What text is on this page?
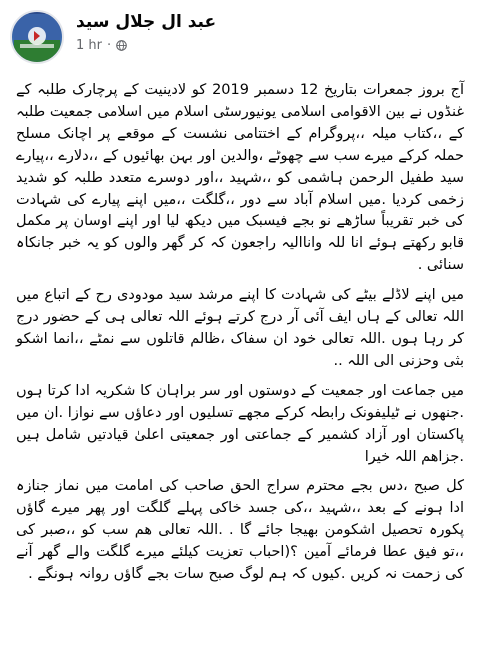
عبد ال جلال سید
1 hr ·

آج بروز جمعرات بتاریخ 12 دسمبر 2019 کو لادینیت کے پرچارک طلبہ کے غنڈوں نے بین الاقوامی اسلامی یونیورسٹی اسلام میں اسلامی جمعیت طلبہ کے ،،کتاب میلہ ،،پروگرام کے اختتامی نشست کے موقعے پر اچانک مسلح حملہ کرکے میرے سب سے چھوٹے ،والدین اور بہن بھائیوں کے ،،دلارے ،،پیارے سید طفیل الرحمن ہاشمی کو ،،شہید ،،اور دوسرے متعدد طلبہ کو شدید زخمی کردیا .میں اسلام آباد سے دور ،،گلگت ،،میں اپنے پیارے کی شہادت کی خبر تقریباً ساڑھے نو بجے فیسبک میں دیکھ لیا اور اپنے اوسان پر مکمل قابو رکھتے ہوئے انا للہ واناالیہ راجعون کہ کر گھر والوں کو یہ خبر جانکاہ سنائی .

میں اپنے لاڈلے بیٹے کی شہادت کا اپنے مرشد سید مودودی رح کے اتباع میں اللہ تعالی کے ہاں ایف آئی آر درج کرتے ہوئے اللہ تعالی ہی کے حضور درج کر رہا ہوں .اللہ تعالی خود ان سفاک ،ظالم قاتلوں سے نمٹے ،،انما اشکو بثی وحزنی الی اللہ ..

میں جماعت اور جمعیت کے دوستوں اور سر براہان کا شکریہ ادا کرتا ہوں .جنھوں نے ٹیلیفونک رابطہ کرکے مجھے تسلیوں اور دعاؤں سے نوازا .ان میں پاکستان اور آزاد کشمیر کے جماعتی اور جمعیتی اعلیٰ قیادتیں شامل ہیں .جزاھم اللہ خیرا

کل صبح ،دس بجے محترم سراج الحق صاحب کی امامت میں نماز جنازہ ادا ہونے کے بعد ،،شہید ،،کی جسد خاکی پہلے گلگت اور پھر میرے گاؤں پکورہ تحصیل اشکومن بھیجا جائے گا . .اللہ تعالی ھم سب کو ،،صبر کی ،،تو فیق عطا فرمائے آمین ؟(احباب تعزیت کیلئے میرے گلگت والے گھر آنے کی زحمت نہ کریں .کیوں کہ ہم لوگ صبح سات بجے گاؤں روانہ ہونگے .
